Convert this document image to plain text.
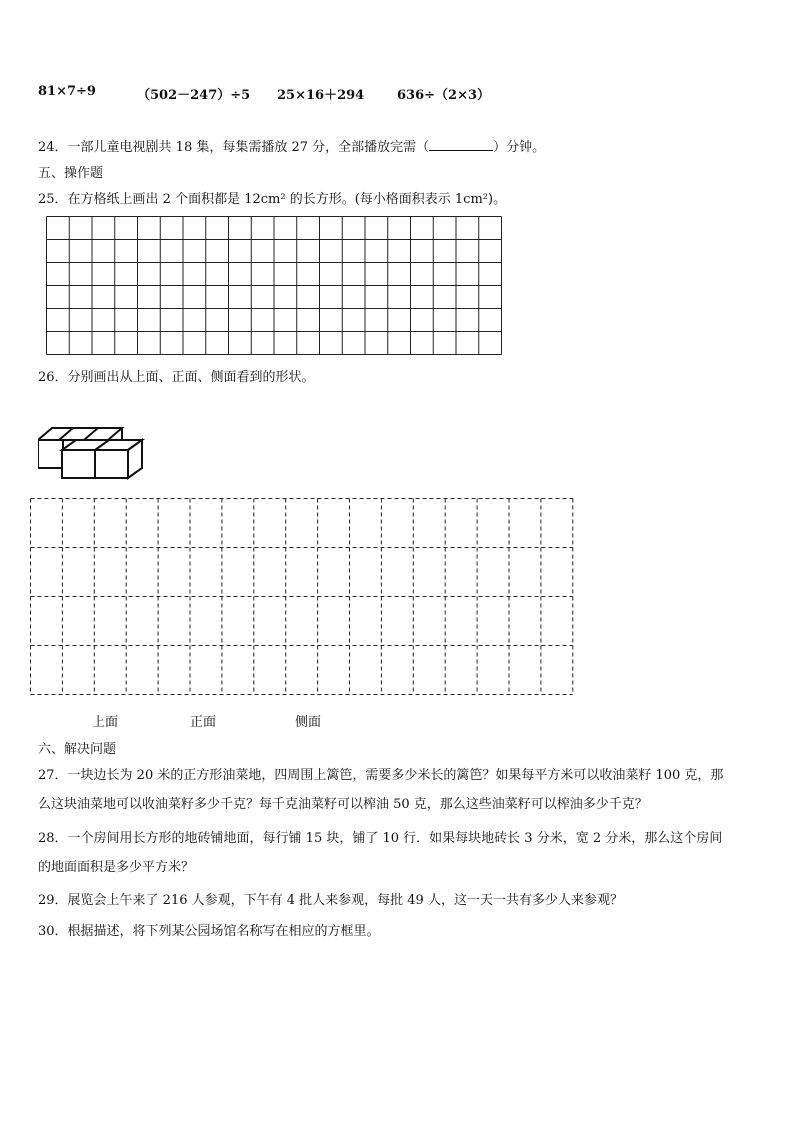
81×7÷9	（502－247）÷5 25×16＋294	636÷（2×3）
24．一部儿童电视剧共 18 集，每集需播放 27 分，全部播放完需（	）分钟。
五、操作题
25．在方格纸上画出 2 个面积都是 12cm² 的长方形。(每小格面积表示 1cm²)。
26．分别画出从上面、正面、侧面看到的形状。
上面	正面	侧面
六、解决问题
27．一块边长为 20 米的正方形油菜地，四周围上篱笆，需要多少米长的篱笆？如果每平方米可以收油菜籽 100 克，那
么这块油菜地可以收油菜籽多少千克？每千克油菜籽可以榨油 50 克，那么这些油菜籽可以榨油多少千克？
28．一个房间用长方形的地砖铺地面，每行铺 15 块，铺了 10 行．如果每块地砖长 3 分米，宽 2 分米，那么这个房间
的地面面积是多少平方米？
29．展览会上午来了 216 人参观，下午有 4 批人来参观，每批 49 人，这一天一共有多少人来参观？
30．根据描述，将下列某公园场馆名称写在相应的方框里。
